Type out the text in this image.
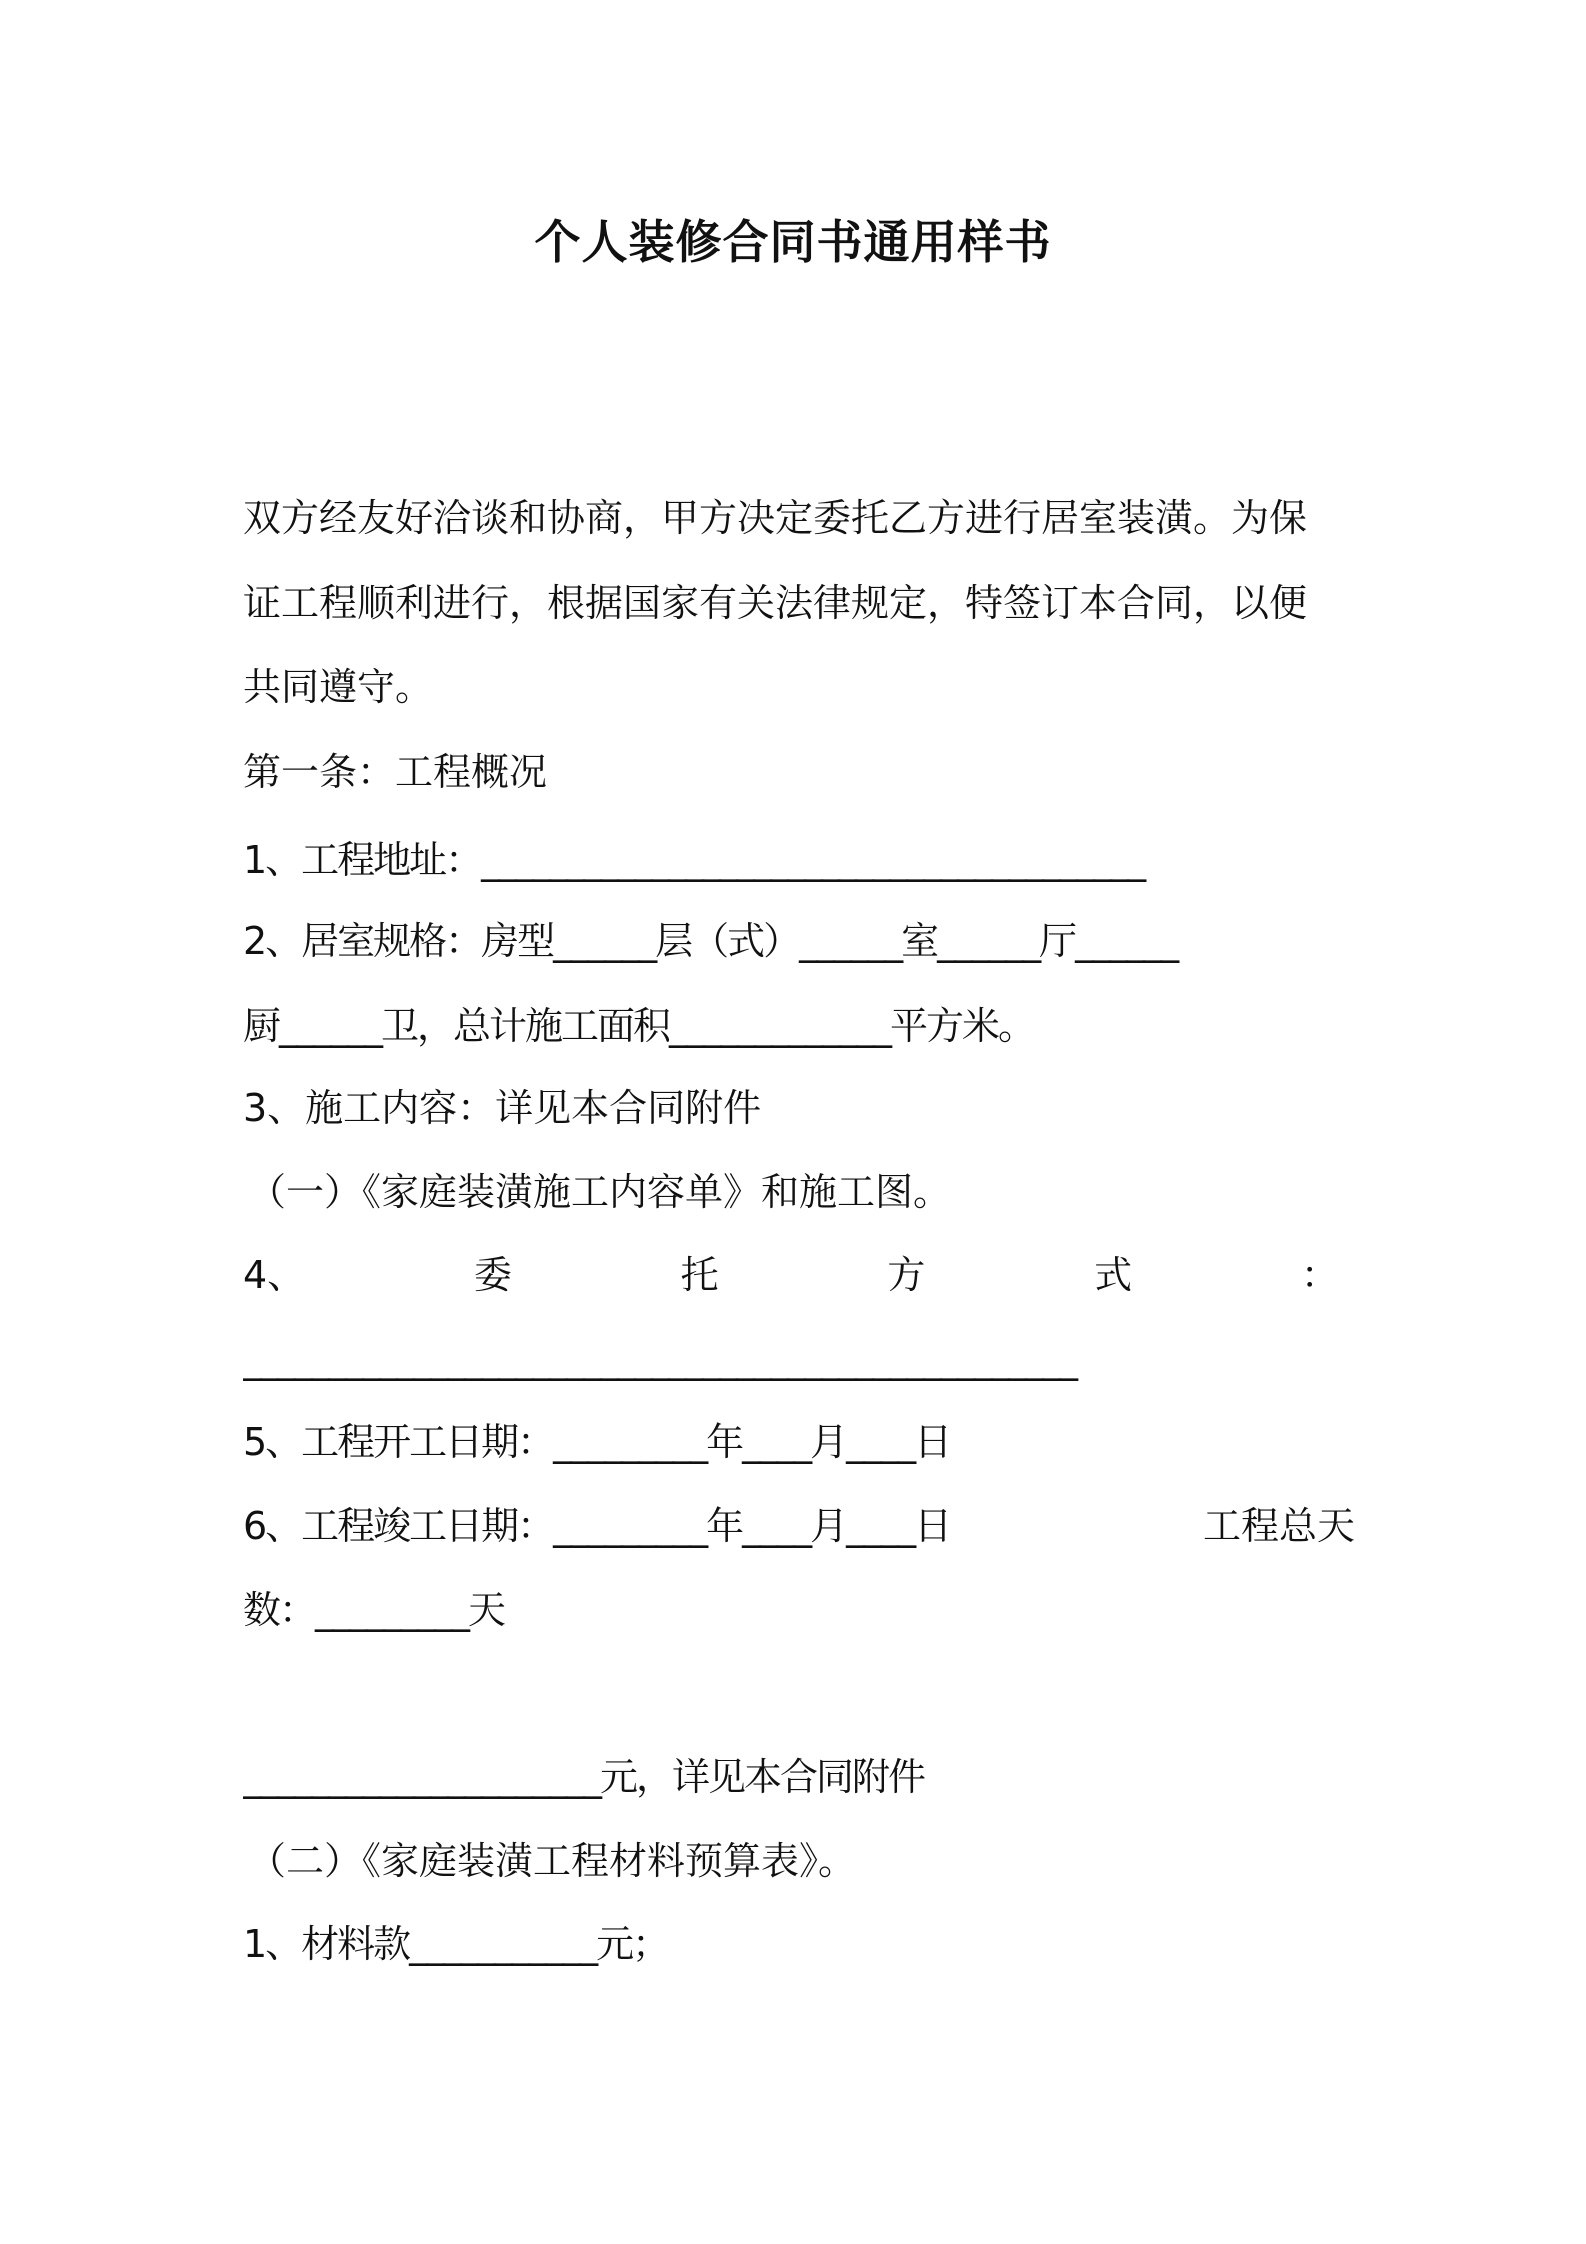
个人装修合同书通用样书
双方经友好洽谈和协商，甲方决定委托乙方进行居室装潢。为保
证工程顺利进行，根据国家有关法律规定，特签订本合同，以便
共同遵守。
第一条：工程概况
1、工程地址：_______________________________________
2、居室规格：房型______层（式）______室______厅______
厨______卫，总计施工面积_____________平方米。
3、施工内容：详见本合同附件
（一）《家庭装潢施工内容单》和施工图。
4、	委	托	方	式	：
_________________________________________________
5、工程开工日期：_________年____月____日
6、工程竣工日期：_________年____月____日	工程总天
数：_________天
_____________________元，详见本合同附件
（二）《家庭装潢工程材料预算表》。
1、材料款___________元；
